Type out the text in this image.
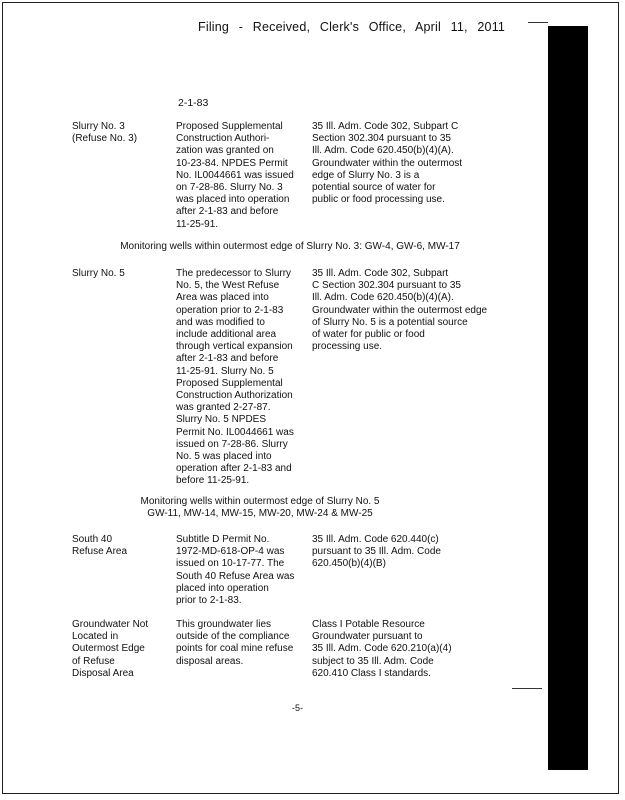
Filing - Received, Clerk's Office, April 11, 2011
2-1-83
Slurry No. 3
(Refuse No. 3)
Proposed Supplemental
Construction Authori-
zation was granted on
10-23-84. NPDES Permit
No. IL0044661 was issued
on 7-28-86. Slurry No. 3
was placed into operation
after 2-1-83 and before
11-25-91.
35 Ill. Adm. Code 302, Subpart C
Section 302.304 pursuant to 35
Ill. Adm. Code 620.450(b)(4)(A).
Groundwater within the outermost
edge of Slurry No. 3 is a
potential source of water for
public or food processing use.
Monitoring wells within outermost edge of Slurry No. 3: GW-4, GW-6, MW-17
Slurry No. 5	The predecessor to Slurry
No. 5, the West Refuse
Area was placed into
operation prior to 2-1-83
and was modified to
include additional area
through vertical expansion
after 2-1-83 and before
11-25-91. Slurry No. 5
Proposed Supplemental
Construction Authorization
was granted 2-27-87.
Slurry No. 5 NPDES
Permit No. IL0044661 was
issued on 7-28-86. Slurry
No. 5 was placed into
operation after 2-1-83 and
before 11-25-91.
35 Ill. Adm. Code 302, Subpart
C Section 302.304 pursuant to 35
Ill. Adm. Code 620.450(b)(4)(A).
Groundwater within the outermost edge
of Slurry No. 5 is a potential source
of water for public or food
processing use.
Monitoring wells within outermost edge of Slurry No. 5
GW-11, MW-14, MW-15, MW-20, MW-24 & MW-25
South 40
Refuse Area
Subtitle D Permit No.
1972-MD-618-OP-4 was
issued on 10-17-77. The
South 40 Refuse Area was
placed into operation
prior to 2-1-83.
35 Ill. Adm. Code 620.440(c)
pursuant to 35 Ill. Adm. Code
620.450(b)(4)(B)
Groundwater Not
Located in
Outermost Edge
of Refuse
Disposal Area
This groundwater lies
outside of the compliance
points for coal mine refuse
disposal areas.
Class I Potable Resource
Groundwater pursuant to
35 Ill. Adm. Code 620.210(a)(4)
subject to 35 Ill. Adm. Code
620.410 Class I standards.
-5-
